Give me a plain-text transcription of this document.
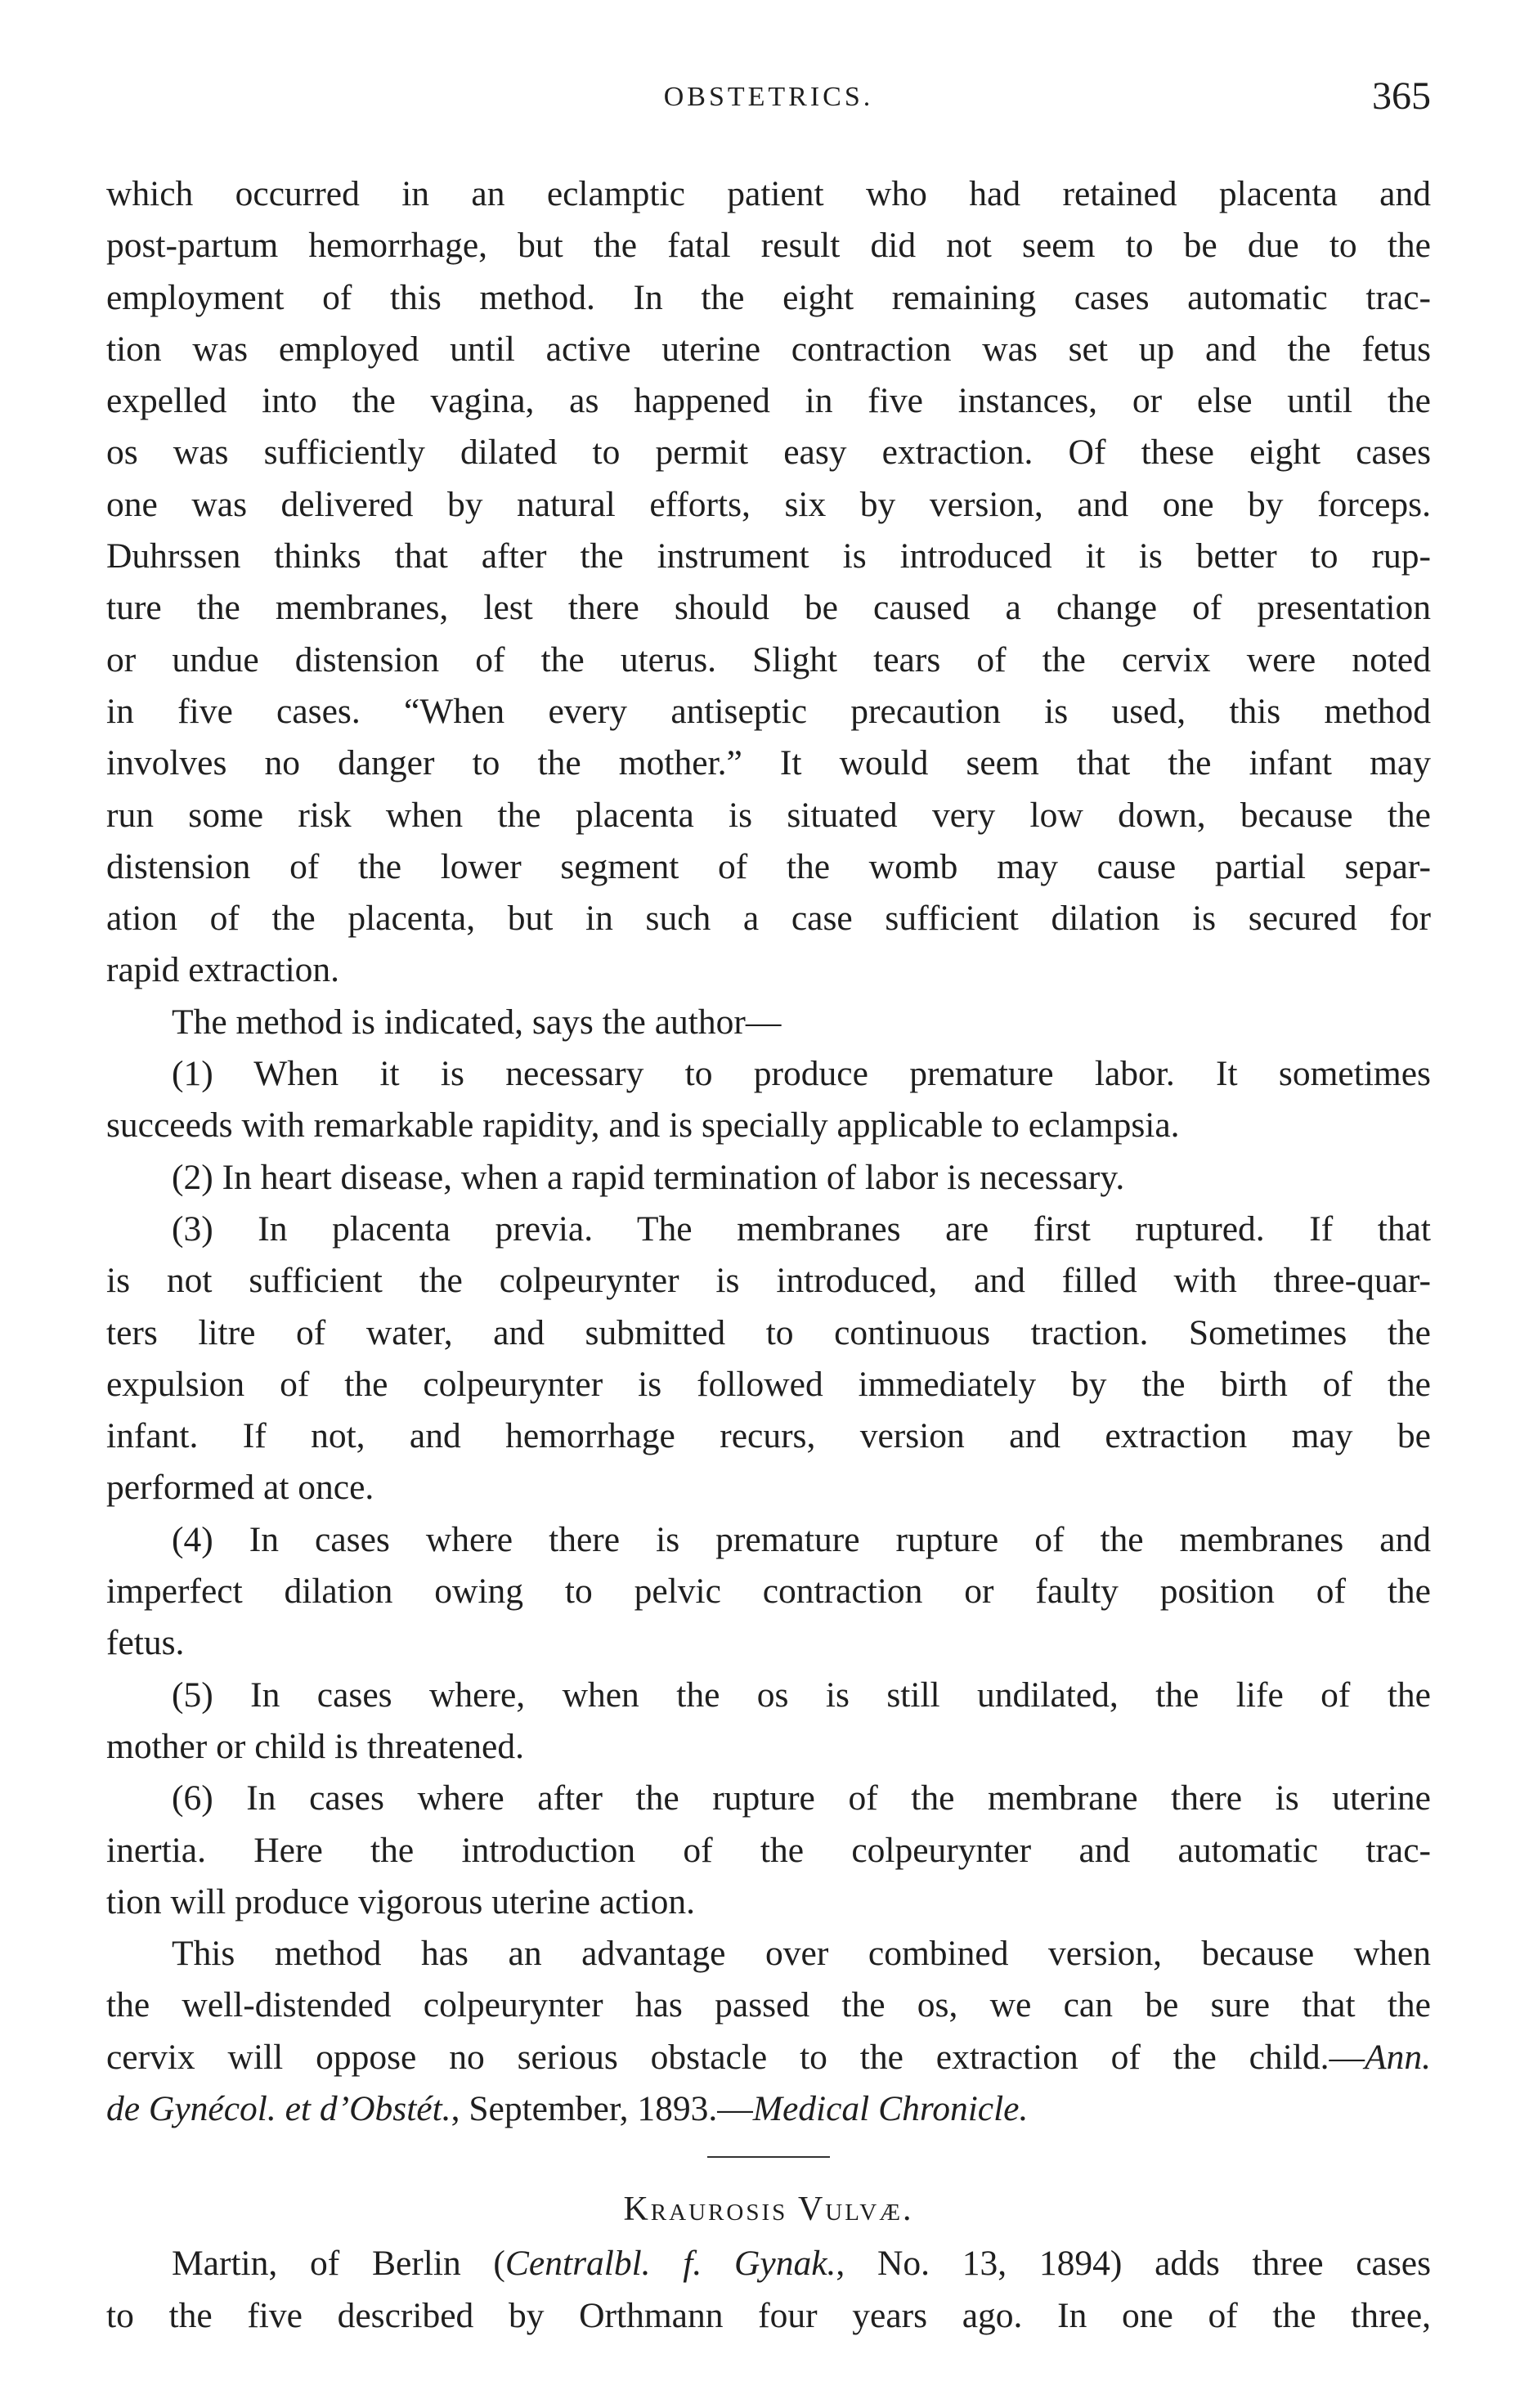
OBSTETRICS.	365
which occurred in an eclamptic patient who had retained placenta and
post-partum hemorrhage, but the fatal result did not seem to be due to the
employment of this method. In the eight remaining cases automatic trac-
tion was employed until active uterine contraction was set up and the fetus
expelled into the vagina, as happened in five instances, or else until the
os was sufficiently dilated to permit easy extraction. Of these eight cases
one was delivered by natural efforts, six by version, and one by forceps.
Duhrssen thinks that after the instrument is introduced it is better to rup-
ture the membranes, lest there should be caused a change of presentation
or undue distension of the uterus. Slight tears of the cervix were noted
in five cases. “When every antiseptic precaution is used, this method
involves no danger to the mother.” It would seem that the infant may
run some risk when the placenta is situated very low down, because the
distension of the lower segment of the womb may cause partial separ-
ation of the placenta, but in such a case sufficient dilation is secured for
rapid extraction.
The method is indicated, says the author—
(1) When it is necessary to produce premature labor. It sometimes
succeeds with remarkable rapidity, and is specially applicable to eclampsia.
(2) In heart disease, when a rapid termination of labor is necessary.
(3) In placenta previa. The membranes are first ruptured. If that
is not sufficient the colpeurynter is introduced, and filled with three-quar-
ters litre of water, and submitted to continuous traction. Sometimes the
expulsion of the colpeurynter is followed immediately by the birth of the
infant. If not, and hemorrhage recurs, version and extraction may be
performed at once.
(4) In cases where there is premature rupture of the membranes and
imperfect dilation owing to pelvic contraction or faulty position of the
fetus.
(5) In cases where, when the os is still undilated, the life of the
mother or child is threatened.
(6) In cases where after the rupture of the membrane there is uterine
inertia. Here the introduction of the colpeurynter and automatic trac-
tion will produce vigorous uterine action.
This method has an advantage over combined version, because when
the well-distended colpeurynter has passed the os, we can be sure that the
cervix will oppose no serious obstacle to the extraction of the child.—Ann.
de Gynécol. et d’Obstét., September, 1893.—Medical Chronicle.
Kraurosis Vulvæ.
Martin, of Berlin (Centralbl. f. Gynak., No. 13, 1894) adds three cases
to the five described by Orthmann four years ago. In one of the three,
